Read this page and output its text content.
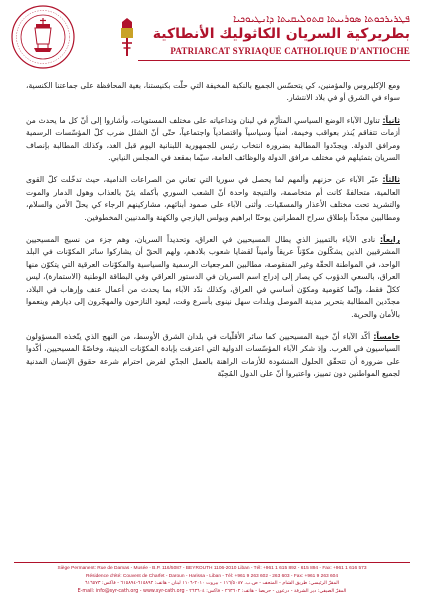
ܦܛܪܝܪܟܘܬܐ ܣܘܪܝܝܬܐ ܩܬܘܠܝܩܝܬܐ ܕܐܢܛܝܘܟܝܐ
بطريركية السريان الكاثوليك الأنطاكية
PATRIARCAT SYRIAQUE CATHOLIQUE D'ANTIOCHE

ومع الإكليروس والمؤمنين، كي يتحسّس الجميع بالنكبة المخيفة التي حلّت بكنيستنا، بغية المحافظة على جماعتنا الكنسية، سواء في الشرق أو في بلاد الانتشار.

ثانياً: تناول الآباء الوضع السياسي المتأزّم في لبنان وتداعياته على مختلف المستويات، وأشاروا إلى أنّ كل ما يحدث من أزمات تتفاقم يُنذر بعواقب وخيمة، أمنياً وسياسياً واقتصادياً واجتماعياً، حتّى أنّ الشلل ضرب كلّ المؤسّسات الرسمية ومرافق الدولة. ويجدّدوا المطالبة بضرورة انتخاب رئيس للجمهورية اللبنانية اليوم قبل الغد، وكذلك المطالبة بإنصاف السريان بتمثيلهم في مختلف مرافق الدولة والوظائف العامة، سيّما بمقعد في المجلس النيابي.

ثالثاً: عبّر الآباء عن حزنهم وألمهم لما يحصل في سوريا التي تعاني من الصراعات الدامية، حيث تدخّلت كلّ القوى العالمية، متحالفةً كانت أم متخاصمة، والنتيجة واحدة أنّ الشعب السوري بأكمله يئنّ بالعذاب وهول الدمار والموت والتشريد تحت مختلف الأعذار والمسمّيات. وأثنى الآباء على صمود أبنائهم، مشاركينهم الرجاء كي يحلّ الأمن والسلام، ومطالبين مجدّداً بإطلاق سراح المطرانين يوحنّا ابراهيم وبولس اليازجي والكهنة والمدنيين المخطوفين.

رابعاً: نادى الآباء بالتمييز الذي يطال المسيحيين في العراق، وتحديداً السريان، وهم جزء من نسيج المسيحيين المشرقيين الذين يشكّلون مكوّناً عريقاً وأميناً لقضايا شعوب بلادهم، ولهم الحقّ أن يشاركوا سائر المكوّنات في البلد الواحد، في المواطنة الحقّة وغير المنقوصة، مطالبين المرجعيات الرسمية والسياسية والمكوّنات العرقية التي يتكوّن منها العراق، بالسعي الدؤوب كي يصار إلى إدراج اسم السريان في الدستور العراقي وفي البطاقة الوطنية (الاستمارة)، ليس ككلّ فقط، وإنّما كقومية ومكوّن أساسي في العراق، وكذلك ندّد الآباء بما يحدث من أعمال عنف وإرهاب في البلاد، مجدّدين المطالبة بتحرير مدينة الموصل وبلدات سهل نينوى بأسرع وقت، ليعود النازحون والمهجّرون إلى ديارهم وينعموا بالأمان والحرية.

خامساً: أكّد الآباء أنّ خيبة المسيحيين كما سائر الأقلّيات في بلدان الشرق الأوسط، من النهج الذي يتّخذه المسؤولون السياسيون في الغرب. وإذ شكر الآباء المؤسّسات الدولية التي اعترفت بإبادة المكوّنات الدينية، وخاصّةً المسيحيين، أكّدوا على ضرورة أن تتحقّق الحلول المنشودة للأزمات الراهنة بالعمل الجدّي لفرض احترام شرعة حقوق الإنسان المدنية لجميع المواطنين دون تمييز، واعتبروا أنّ على الدول المُحِبّة

Siège Permanent: Rue de Damas - Musée - B.P. 116/5087 - BEYROUTH 1106-2010 Liban - Tél: +961 1 615 892 - 615 894 - Fax: +961 1 616 573
Résidence d'été: Couvent de Charfet - Daroun - Harissa - Liban - Tél: +961 9 263 602 - 263 603 - Fax: +961 9 263 604
المقرّ الرئيسي: طريق الشام - المتحف - ص.ب. ١١٦/٥٠٨٧ - بيروت ٢٠١٠-١١٠٦ لبنان - هاتف: ٦١٥٨٩٢-٦١٥٨٩٤ - فاكس: ٦١٦٥٧٣
المقرّ الصيفي: دير الشرفة - درعون - حريصا - هاتف: ٢٦٣٦٠٢ - فاكس: ٢٦٣٦٠٤ - E-mail: info@syr-cath.org - www.syr-cath.org
